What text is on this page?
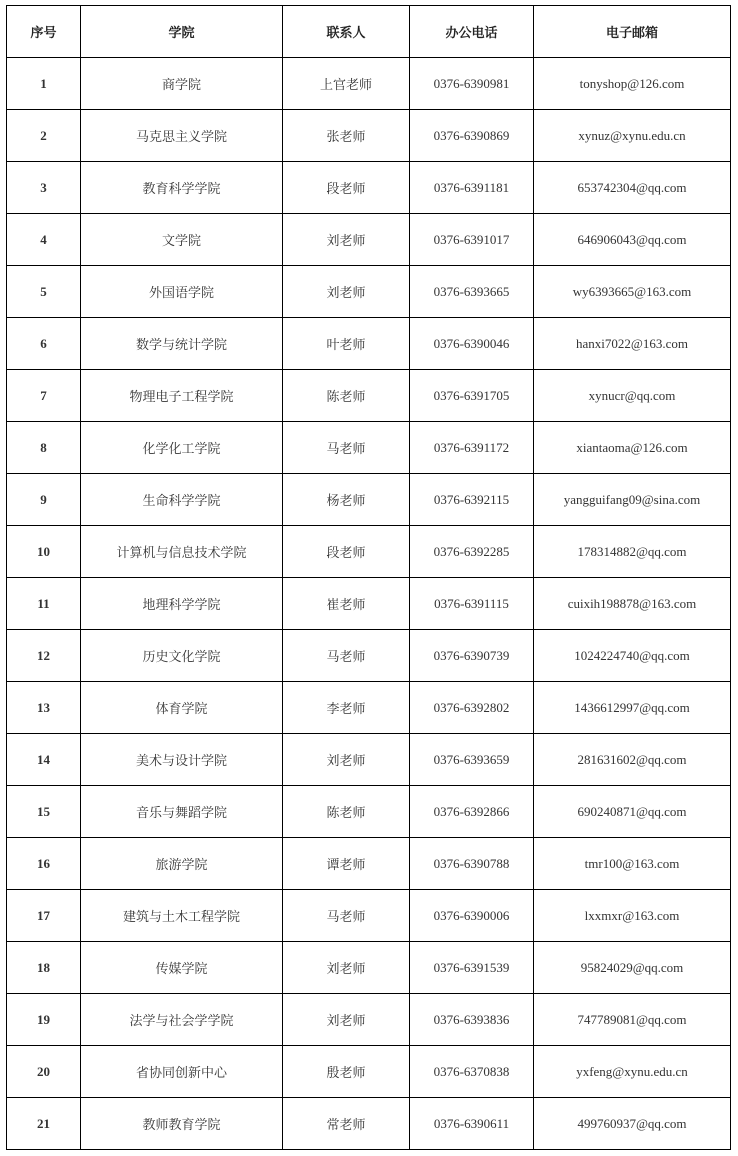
序号	学院	联系人	办公电话	电子邮箱
1	商学院	上官老师	0376-6390981	tonyshop@126.com
2	马克思主义学院	张老师	0376-6390869	xynuz@xynu.edu.cn
3	教育科学学院	段老师	0376-6391181	653742304@qq.com
4	文学院	刘老师	0376-6391017	646906043@qq.com
5	外国语学院	刘老师	0376-6393665	wy6393665@163.com
6	数学与统计学院	叶老师	0376-6390046	hanxi7022@163.com
7	物理电子工程学院	陈老师	0376-6391705	xynucr@qq.com
8	化学化工学院	马老师	0376-6391172	xiantaoma@126.com
9	生命科学学院	杨老师	0376-6392115	yangguifang09@sina.com
10	计算机与信息技术学院	段老师	0376-6392285	178314882@qq.com
11	地理科学学院	崔老师	0376-6391115	cuixih198878@163.com
12	历史文化学院	马老师	0376-6390739	1024224740@qq.com
13	体育学院	李老师	0376-6392802	1436612997@qq.com
14	美术与设计学院	刘老师	0376-6393659	281631602@qq.com
15	音乐与舞蹈学院	陈老师	0376-6392866	690240871@qq.com
16	旅游学院	谭老师	0376-6390788	tmr100@163.com
17	建筑与土木工程学院	马老师	0376-6390006	lxxmxr@163.com
18	传媒学院	刘老师	0376-6391539	95824029@qq.com
19	法学与社会学学院	刘老师	0376-6393836	747789081@qq.com
20	省协同创新中心	殷老师	0376-6370838	yxfeng@xynu.edu.cn
21	教师教育学院	常老师	0376-6390611	499760937@qq.com
